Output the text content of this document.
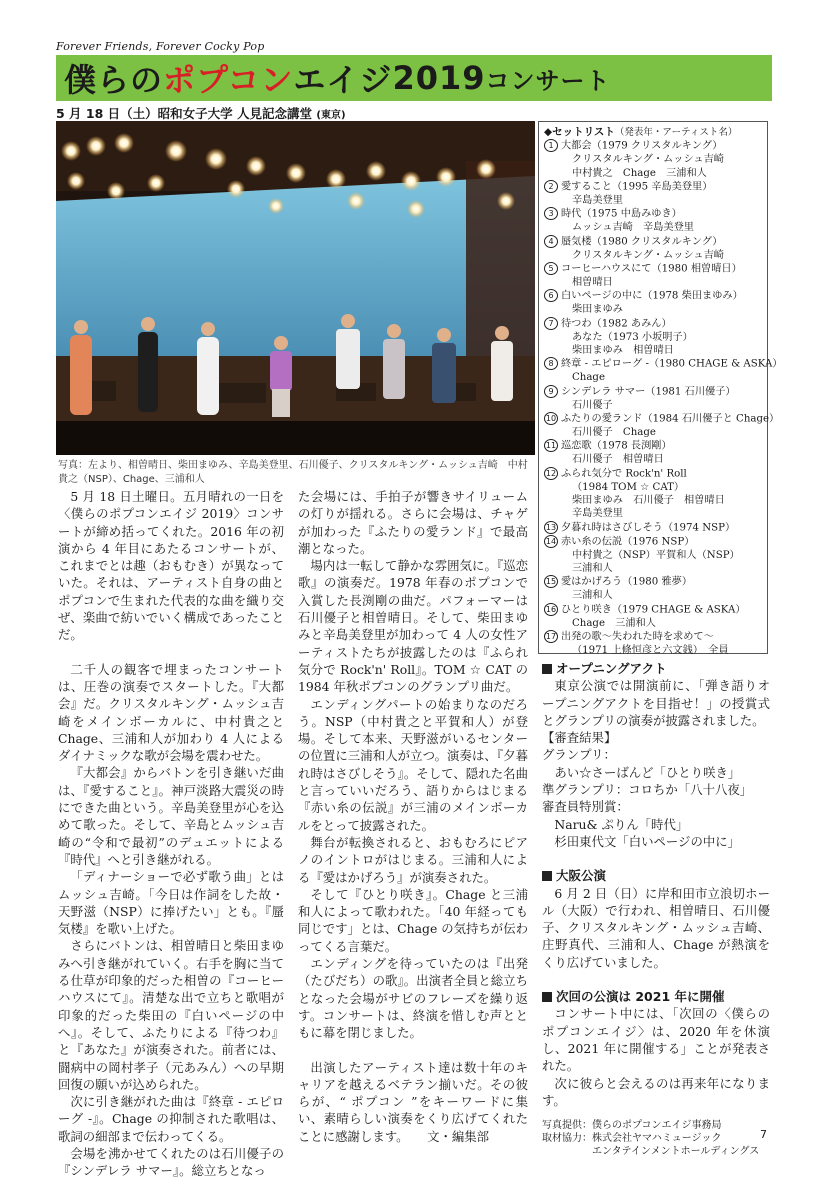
Forever Friends, Forever Cocky Pop
僕らの ポプコン エイジ 2019 コンサート
5 月 18 日（土）昭和女子大学 人見記念講堂 (東京)
写真：左より、相曽晴日、柴田まゆみ、辛島美登里、石川優子、クリスタルキング・ムッシュ吉崎　中村貴之（NSP）、Chage、三浦和人
◆セットリスト（発表年・アーティスト名）
1 大都会（1979 クリスタルキング）
クリスタルキング・ムッシュ吉崎
中村貴之　Chage　三浦和人
2 愛すること（1995 辛島美登里）
辛島美登里
3 時代（1975 中島みゆき）
ムッシュ吉崎　辛島美登里
4 蜃気楼（1980 クリスタルキング）
クリスタルキング・ムッシュ吉崎
5 コーヒーハウスにて（1980 相曽晴日）
相曽晴日
6 白いページの中に（1978 柴田まゆみ）
柴田まゆみ
7 待つわ（1982 あみん）
あなた（1973 小坂明子）
柴田まゆみ　相曽晴日
8 終章 - エピローグ -（1980 CHAGE & ASKA）
Chage
9 シンデレラ サマー（1981 石川優子）
石川優子
10 ふたりの愛ランド（1984 石川優子と Chage）
石川優子　Chage
11 巡恋歌（1978 長渕剛）
石川優子　相曽晴日
12 ふられ気分で Rock'n' Roll
（1984 TOM ☆ CAT）
柴田まゆみ　石川優子　相曽晴日
辛島美登里
13 夕暮れ時はさびしそう（1974 NSP）
14 赤い糸の伝説（1976 NSP）
中村貴之（NSP）平賀和人（NSP）
三浦和人
15 愛はかげろう（1980 雅夢）
三浦和人
16 ひとり咲き（1979 CHAGE & ASKA）
Chage　三浦和人
17 出発の歌〜失われた時を求めて〜
（1971 上條恒彦と六文銭）　全員

5 月 18 日土曜日。五月晴れの一日を〈僕らのポプコンエイジ 2019〉コンサートが締め括ってくれた。2016 年の初演から 4 年目にあたるコンサートが、これまでとは趣（おもむき）が異なっていた。それは、アーティスト自身の曲とポプコンで生まれた代表的な曲を織り交ぜ、楽曲で紡いでいく構成であったことだ。

二千人の観客で埋まったコンサートは、圧巻の演奏でスタートした。『大都会』だ。クリスタルキング・ムッシュ吉崎をメインボーカルに、中村貴之と Chage、三浦和人が加わり 4 人によるダイナミックな歌が会場を震わせた。

『大都会』からバトンを引き継いだ曲は、『愛すること』。神戸淡路大震災の時にできた曲という。辛島美登里が心を込めて歌った。そして、辛島とムッシュ吉崎の“令和で最初”のデュエットによる『時代』へと引き継がれる。

「ディナーショーで必ず歌う曲」とはムッシュ吉崎。「今日は作詞をした故・天野滋（NSP）に捧げたい」とも。『蜃気楼』を歌い上げた。

さらにバトンは、相曽晴日と柴田まゆみへ引き継がれていく。右手を胸に当てる仕草が印象的だった相曽の『コーヒーハウスにて』。清楚な出で立ちと歌唱が印象的だった柴田の『白いページの中へ』。そして、ふたりによる『待つわ』と『あなた』が演奏された。前者には、闘病中の岡村孝子（元あみん）への早期回復の願いが込められた。

次に引き継がれた曲は『終章 - エピローグ -』。Chage の抑制された歌唱は、歌詞の細部まで伝わってくる。

会場を沸かせてくれたのは石川優子の『シンデレラ サマー』。総立ちとなっ

た会場には、手拍子が響きサイリュームの灯りが揺れる。さらに会場は、チャゲが加わった『ふたりの愛ランド』で最高潮となった。

場内は一転して静かな雰囲気に。『巡恋歌』の演奏だ。1978 年春のポプコンで入賞した長渕剛の曲だ。パフォーマーは石川優子と相曽晴日。そして、柴田まゆみと辛島美登里が加わって 4 人の女性アーティストたちが披露したのは『ふられ気分で Rock'n' Roll』。TOM ☆ CAT の 1984 年秋ポプコンのグランプリ曲だ。

エンディングパートの始まりなのだろう。NSP（中村貴之と平賀和人）が登場。そして本来、天野滋がいるセンターの位置に三浦和人が立つ。演奏は、『夕暮れ時はさびしそう』。そして、隠れた名曲と言っていいだろう、語りからはじまる『赤い糸の伝説』が三浦のメインボーカルをとって披露された。

舞台が転換されると、おもむろにピアノのイントロがはじまる。三浦和人による『愛はかげろう』が演奏された。

そして『ひとり咲き』。Chage と三浦和人によって歌われた。「40 年経っても同じです」とは、Chage の気持ちが伝わってくる言葉だ。

エンディングを待っていたのは『出発（たびだち）の歌』。出演者全員と総立ちとなった会場がサビのフレーズを繰り返す。コンサートは、終演を惜しむ声とともに幕を閉じました。

出演したアーティスト達は数十年のキャリアを越えるベテラン揃いだ。その彼らが、“ ポプコン ”をキーワードに集い、素晴らしい演奏をくり広げてくれたことに感謝します。　　文・編集部

オープニングアクト

東京公演では開演前に、「弾き語りオープニングアクトを目指せ！」の授賞式とグランプリの演奏が披露されました。

【審査結果】

グランプリ：

　あい☆さーばんど「ひとり咲き」

準グランプリ：コロちか「八十八夜」

審査員特別賞：

　Naru& ぷりん「時代」

　杉田東代文「白いページの中に」

大阪公演

6 月 2 日（日）に岸和田市立浪切ホール（大阪）で行われ、相曽晴日、石川優子、クリスタルキング・ムッシュ吉崎、庄野真代、三浦和人、Chage が熱演をくり広げていました。

次回の公演は 2021 年に開催

コンサート中には、「次回の〈僕らのポプコンエイジ〉は、2020 年を休演し、2021 年に開催する」ことが発表された。

次に彼らと会えるのは再来年になります。

写真提供：僕らのポプコンエイジ事務局
取材協力：株式会社ヤマハミュージック
　　　　　エンタテインメントホールディングス
7
